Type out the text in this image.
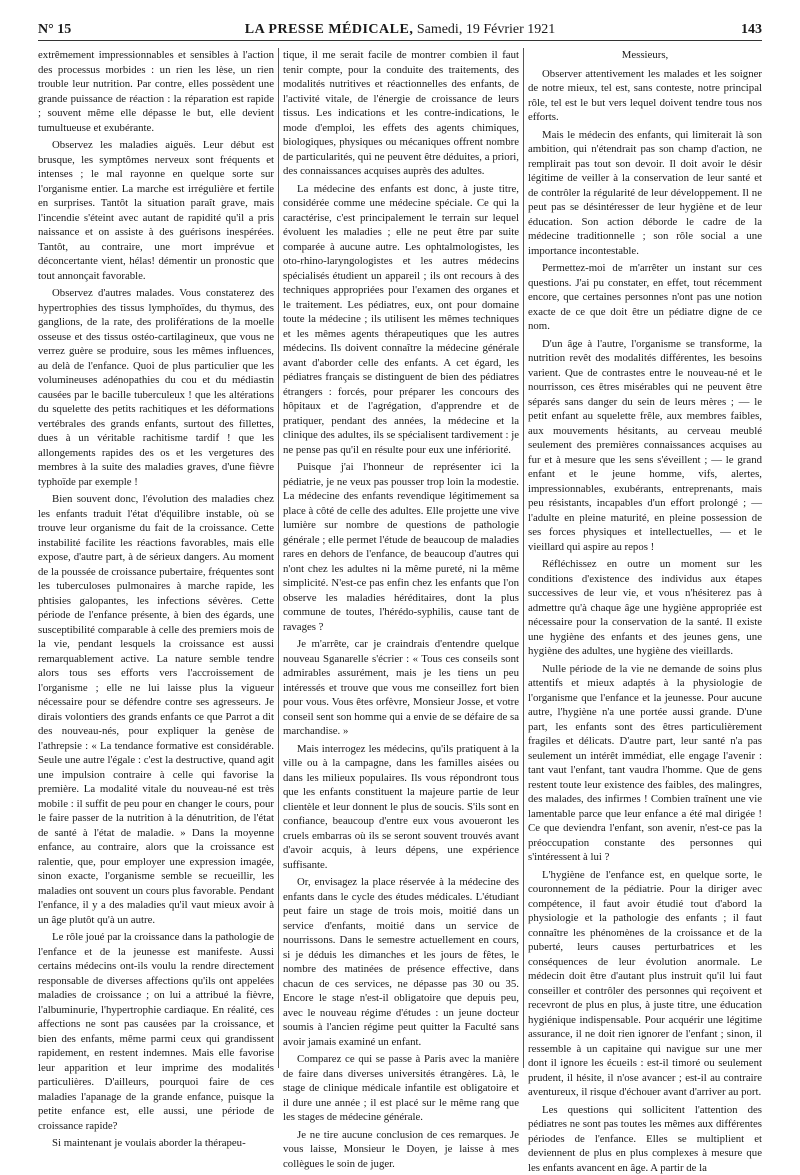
N° 15	LA PRESSE MÉDICALE, Samedi, 19 Février 1921	143

extrêmement impressionnables et sensibles à l'action des processus morbides : un rien les lèse, un rien trouble leur nutrition. Par contre, elles possèdent une grande puissance de réaction : la réparation est rapide ; souvent même elle dépasse le but, elle devient tumultueuse et exubérante.

Observez les maladies aiguës. Leur début est brusque, les symptômes nerveux sont fréquents et intenses ; le mal rayonne en quelque sorte sur l'organisme entier. La marche est irrégulière et fertile en surprises. Tantôt la situation paraît grave, mais l'incendie s'éteint avec autant de rapidité qu'il a pris naissance et on assiste à des guérisons inespérées. Tantôt, au contraire, une mort imprévue et déconcertante vient, hélas! démentir un pronostic que tout annonçait favorable.

Observez d'autres malades. Vous constaterez des hypertrophies des tissus lymphoïdes, du thymus, des ganglions, de la rate, des proliférations de la moelle osseuse et des tissus ostéo-cartilagineux, que vous ne verrez guère se produire, sous les mêmes influences, au delà de l'enfance. Quoi de plus particulier que les volumineuses adénopathies du cou et du médiastin causées par le bacille tuberculeux ! que les altérations du squelette des petits rachitiques et les déformations vertébrales des grands enfants, surtout des fillettes, dues à un véritable rachitisme tardif ! que les allongements rapides des os et les vergetures des membres à la suite des maladies graves, d'une fièvre typhoïde par exemple !

Bien souvent donc, l'évolution des maladies chez les enfants traduit l'état d'équilibre instable, où se trouve leur organisme du fait de la croissance. Cette instabilité facilite les réactions favorables, mais elle expose, d'autre part, à de sérieux dangers. Au moment de la poussée de croissance pubertaire, fréquentes sont les tuberculoses pulmonaires à marche rapide, les phtisies galopantes, les infections sévères. Cette période de l'enfance présente, à bien des égards, une susceptibilité comparable à celle des premiers mois de la vie, pendant lesquels la croissance est aussi remarquablement active. La nature semble tendre alors tous ses efforts vers l'accroissement de l'organisme ; elle ne lui laisse plus la vigueur nécessaire pour se défendre contre ses agresseurs. Je dirais volontiers des grands enfants ce que Parrot a dit des nouveau-nés, pour expliquer la genèse de l'athrepsie : « La tendance formative est considérable. Seule une autre l'égale : c'est la destructive, quand agit une impulsion contraire à celle qui favorise la première. La modalité vitale du nouveau-né est très mobile : il suffit de peu pour en changer le cours, pour le faire passer de la nutrition à la dénutrition, de l'état de santé à l'état de maladie. » Dans la moyenne enfance, au contraire, alors que la croissance est ralentie, que, pour employer une expression imagée, sinon exacte, l'organisme semble se recueillir, les maladies ont souvent un cours plus favorable. Pendant l'enfance, il y a des maladies qu'il vaut mieux avoir à un âge plutôt qu'à un autre.

Le rôle joué par la croissance dans la pathologie de l'enfance et de la jeunesse est manifeste. Aussi certains médecins ont-ils voulu la rendre directement responsable de diverses affections qu'ils ont appelées maladies de croissance ; on lui a attribué la fièvre, l'albuminurie, l'hypertrophie cardiaque. En réalité, ces affections ne sont pas causées par la croissance, et bien des enfants, même parmi ceux qui grandissent rapidement, en restent indemnes. Mais elle favorise leur apparition et leur imprime des modalités particulières. D'ailleurs, pourquoi faire de ces maladies l'apanage de la grande enfance, puisque la petite enfance est, elle aussi, une période de croissance rapide?

Si maintenant je voulais aborder la thérapeu-

tique, il me serait facile de montrer combien il faut tenir compte, pour la conduite des traitements, des modalités nutritives et réactionnelles des enfants, de l'activité vitale, de l'énergie de croissance de leurs tissus. Les indications et les contre-indications, le mode d'emploi, les effets des agents chimiques, biologiques, physiques ou mécaniques offrent nombre de particularités, qui ne peuvent être déduites, a priori, des connaissances acquises auprès des adultes.

La médecine des enfants est donc, à juste titre, considérée comme une médecine spéciale. Ce qui la caractérise, c'est principalement le terrain sur lequel évoluent les maladies ; elle ne peut être par suite comparée à aucune autre. Les ophtalmologistes, les oto-rhino-laryngologistes et les autres médecins spécialisés étudient un appareil ; ils ont recours à des techniques appropriées pour l'examen des organes et le traitement. Les pédiatres, eux, ont pour domaine toute la médecine ; ils utilisent les mêmes techniques et les mêmes agents thérapeutiques que les autres médecins. Ils doivent connaître la médecine générale avant d'aborder celle des enfants. A cet égard, les pédiatres français se distinguent de bien des pédiatres étrangers : forcés, pour préparer les concours des hôpitaux et de l'agrégation, d'apprendre et de pratiquer, pendant des années, la médecine et la clinique des adultes, ils se spécialisent tardivement : je ne pense pas qu'il en résulte pour eux une infériorité.

Puisque j'ai l'honneur de représenter ici la pédiatrie, je ne veux pas pousser trop loin la modestie. La médecine des enfants revendique légitimement sa place à côté de celle des adultes. Elle projette une vive lumière sur nombre de questions de pathologie générale ; elle permet l'étude de beaucoup de maladies rares en dehors de l'enfance, de beaucoup d'autres qui n'ont chez les adultes ni la même pureté, ni la même simplicité. N'est-ce pas enfin chez les enfants que l'on observe les maladies héréditaires, dont la plus commune de toutes, l'hérédo-syphilis, cause tant de ravages ?

Je m'arrête, car je craindrais d'entendre quelque nouveau Sganarelle s'écrier : « Tous ces conseils sont admirables assurément, mais je les tiens un peu intéressés et trouve que vous me conseillez fort bien pour vous. Vous êtes orfèvre, Monsieur Josse, et votre conseil sent son homme qui a envie de se défaire de sa marchandise. »

Mais interrogez les médecins, qu'ils pratiquent à la ville ou à la campagne, dans les familles aisées ou dans les milieux populaires. Ils vous répondront tous que les enfants constituent la majeure partie de leur clientèle et leur donnent le plus de soucis. S'ils sont en confiance, beaucoup d'entre eux vous avoueront les cruels embarras où ils se seront souvent trouvés avant d'avoir acquis, à leurs dépens, une expérience suffisante.

Or, envisagez la place réservée à la médecine des enfants dans le cycle des études médicales. L'étudiant peut faire un stage de trois mois, moitié dans un service d'enfants, moitié dans un service de nourrissons. Dans le semestre actuellement en cours, si je déduis les dimanches et les jours de fêtes, le nombre des matinées de présence effective, dans chacun de ces services, ne dépasse pas 30 ou 35. Encore le stage n'est-il obligatoire que depuis peu, avec le nouveau régime d'études : un jeune docteur soumis à l'ancien régime peut quitter la Faculté sans avoir jamais examiné un enfant.

Comparez ce qui se passe à Paris avec la manière de faire dans diverses universités étrangères. Là, le stage de clinique médicale infantile est obligatoire et il dure une année ; il est placé sur le même rang que les stages de médecine générale.

Je ne tire aucune conclusion de ces remarques. Je vous laisse, Monsieur le Doyen, je laisse à mes collègues le soin de juger.

Messieurs,

Observer attentivement les malades et les soigner de notre mieux, tel est, sans conteste, notre principal rôle, tel est le but vers lequel doivent tendre tous nos efforts.

Mais le médecin des enfants, qui limiterait là son ambition, qui n'étendrait pas son champ d'action, ne remplirait pas tout son devoir. Il doit avoir le désir légitime de veiller à la conservation de leur santé et de contrôler la régularité de leur développement. Il ne peut pas se désintéresser de leur hygiène et de leur éducation. Son action déborde le cadre de la médecine traditionnelle ; son rôle social a une importance incontestable.

Permettez-moi de m'arrêter un instant sur ces questions. J'ai pu constater, en effet, tout récemment encore, que certaines personnes n'ont pas une notion exacte de ce que doit être un pédiatre digne de ce nom.

D'un âge à l'autre, l'organisme se transforme, la nutrition revêt des modalités différentes, les besoins varient. Que de contrastes entre le nouveau-né et le nourrisson, ces êtres misérables qui ne peuvent être séparés sans danger du sein de leurs mères ; — le petit enfant au squelette frêle, aux membres faibles, aux mouvements hésitants, au cerveau meublé seulement des premières connaissances acquises au fur et à mesure que les sens s'éveillent ; — le grand enfant et le jeune homme, vifs, alertes, impressionnables, exubérants, entreprenants, mais peu résistants, incapables d'un effort prolongé ; — l'adulte en pleine maturité, en pleine possession de ses forces physiques et intellectuelles, — et le vieillard qui aspire au repos !

Réfléchissez en outre un moment sur les conditions d'existence des individus aux étapes successives de leur vie, et vous n'hésiterez pas à admettre qu'à chaque âge une hygiène appropriée est nécessaire pour la conservation de la santé. Il existe une hygiène des enfants et des jeunes gens, une hygiène des adultes, une hygiène des vieillards.

Nulle période de la vie ne demande de soins plus attentifs et mieux adaptés à la physiologie de l'organisme que l'enfance et la jeunesse. Pour aucune autre, l'hygiène n'a une portée aussi grande. D'une part, les enfants sont des êtres particulièrement fragiles et délicats. D'autre part, leur santé n'a pas seulement un intérêt immédiat, elle engage l'avenir : tant vaut l'enfant, tant vaudra l'homme. Que de gens restent toute leur existence des faibles, des malingres, des malades, des infirmes ! Combien traînent une vie lamentable parce que leur enfance a été mal dirigée ! Ce que deviendra l'enfant, son avenir, n'est-ce pas la préoccupation constante des personnes qui s'intéressent à lui ?

L'hygiène de l'enfance est, en quelque sorte, le couronnement de la pédiatrie. Pour la diriger avec compétence, il faut avoir étudié tout d'abord la physiologie et la pathologie des enfants ; il faut connaître les phénomènes de la croissance et de la puberté, leurs causes perturbatrices et les conséquences de leur évolution anormale. Le médecin doit être d'autant plus instruit qu'il lui faut conseiller et contrôler des personnes qui reçoivent et recevront de plus en plus, à juste titre, une éducation hygiénique indispensable. Pour acquérir une légitime assurance, il ne doit rien ignorer de l'enfant ; sinon, il ressemble à un capitaine qui navigue sur une mer dont il ignore les écueils : est-il timoré ou seulement prudent, il hésite, il n'ose avancer ; est-il au contraire aventureux, il risque d'échouer avant d'arriver au port.

Les questions qui sollicitent l'attention des pédiatres ne sont pas toutes les mêmes aux différentes périodes de l'enfance. Elles se multiplient et deviennent de plus en plus complexes à mesure que les enfants avancent en âge. A partir de la
